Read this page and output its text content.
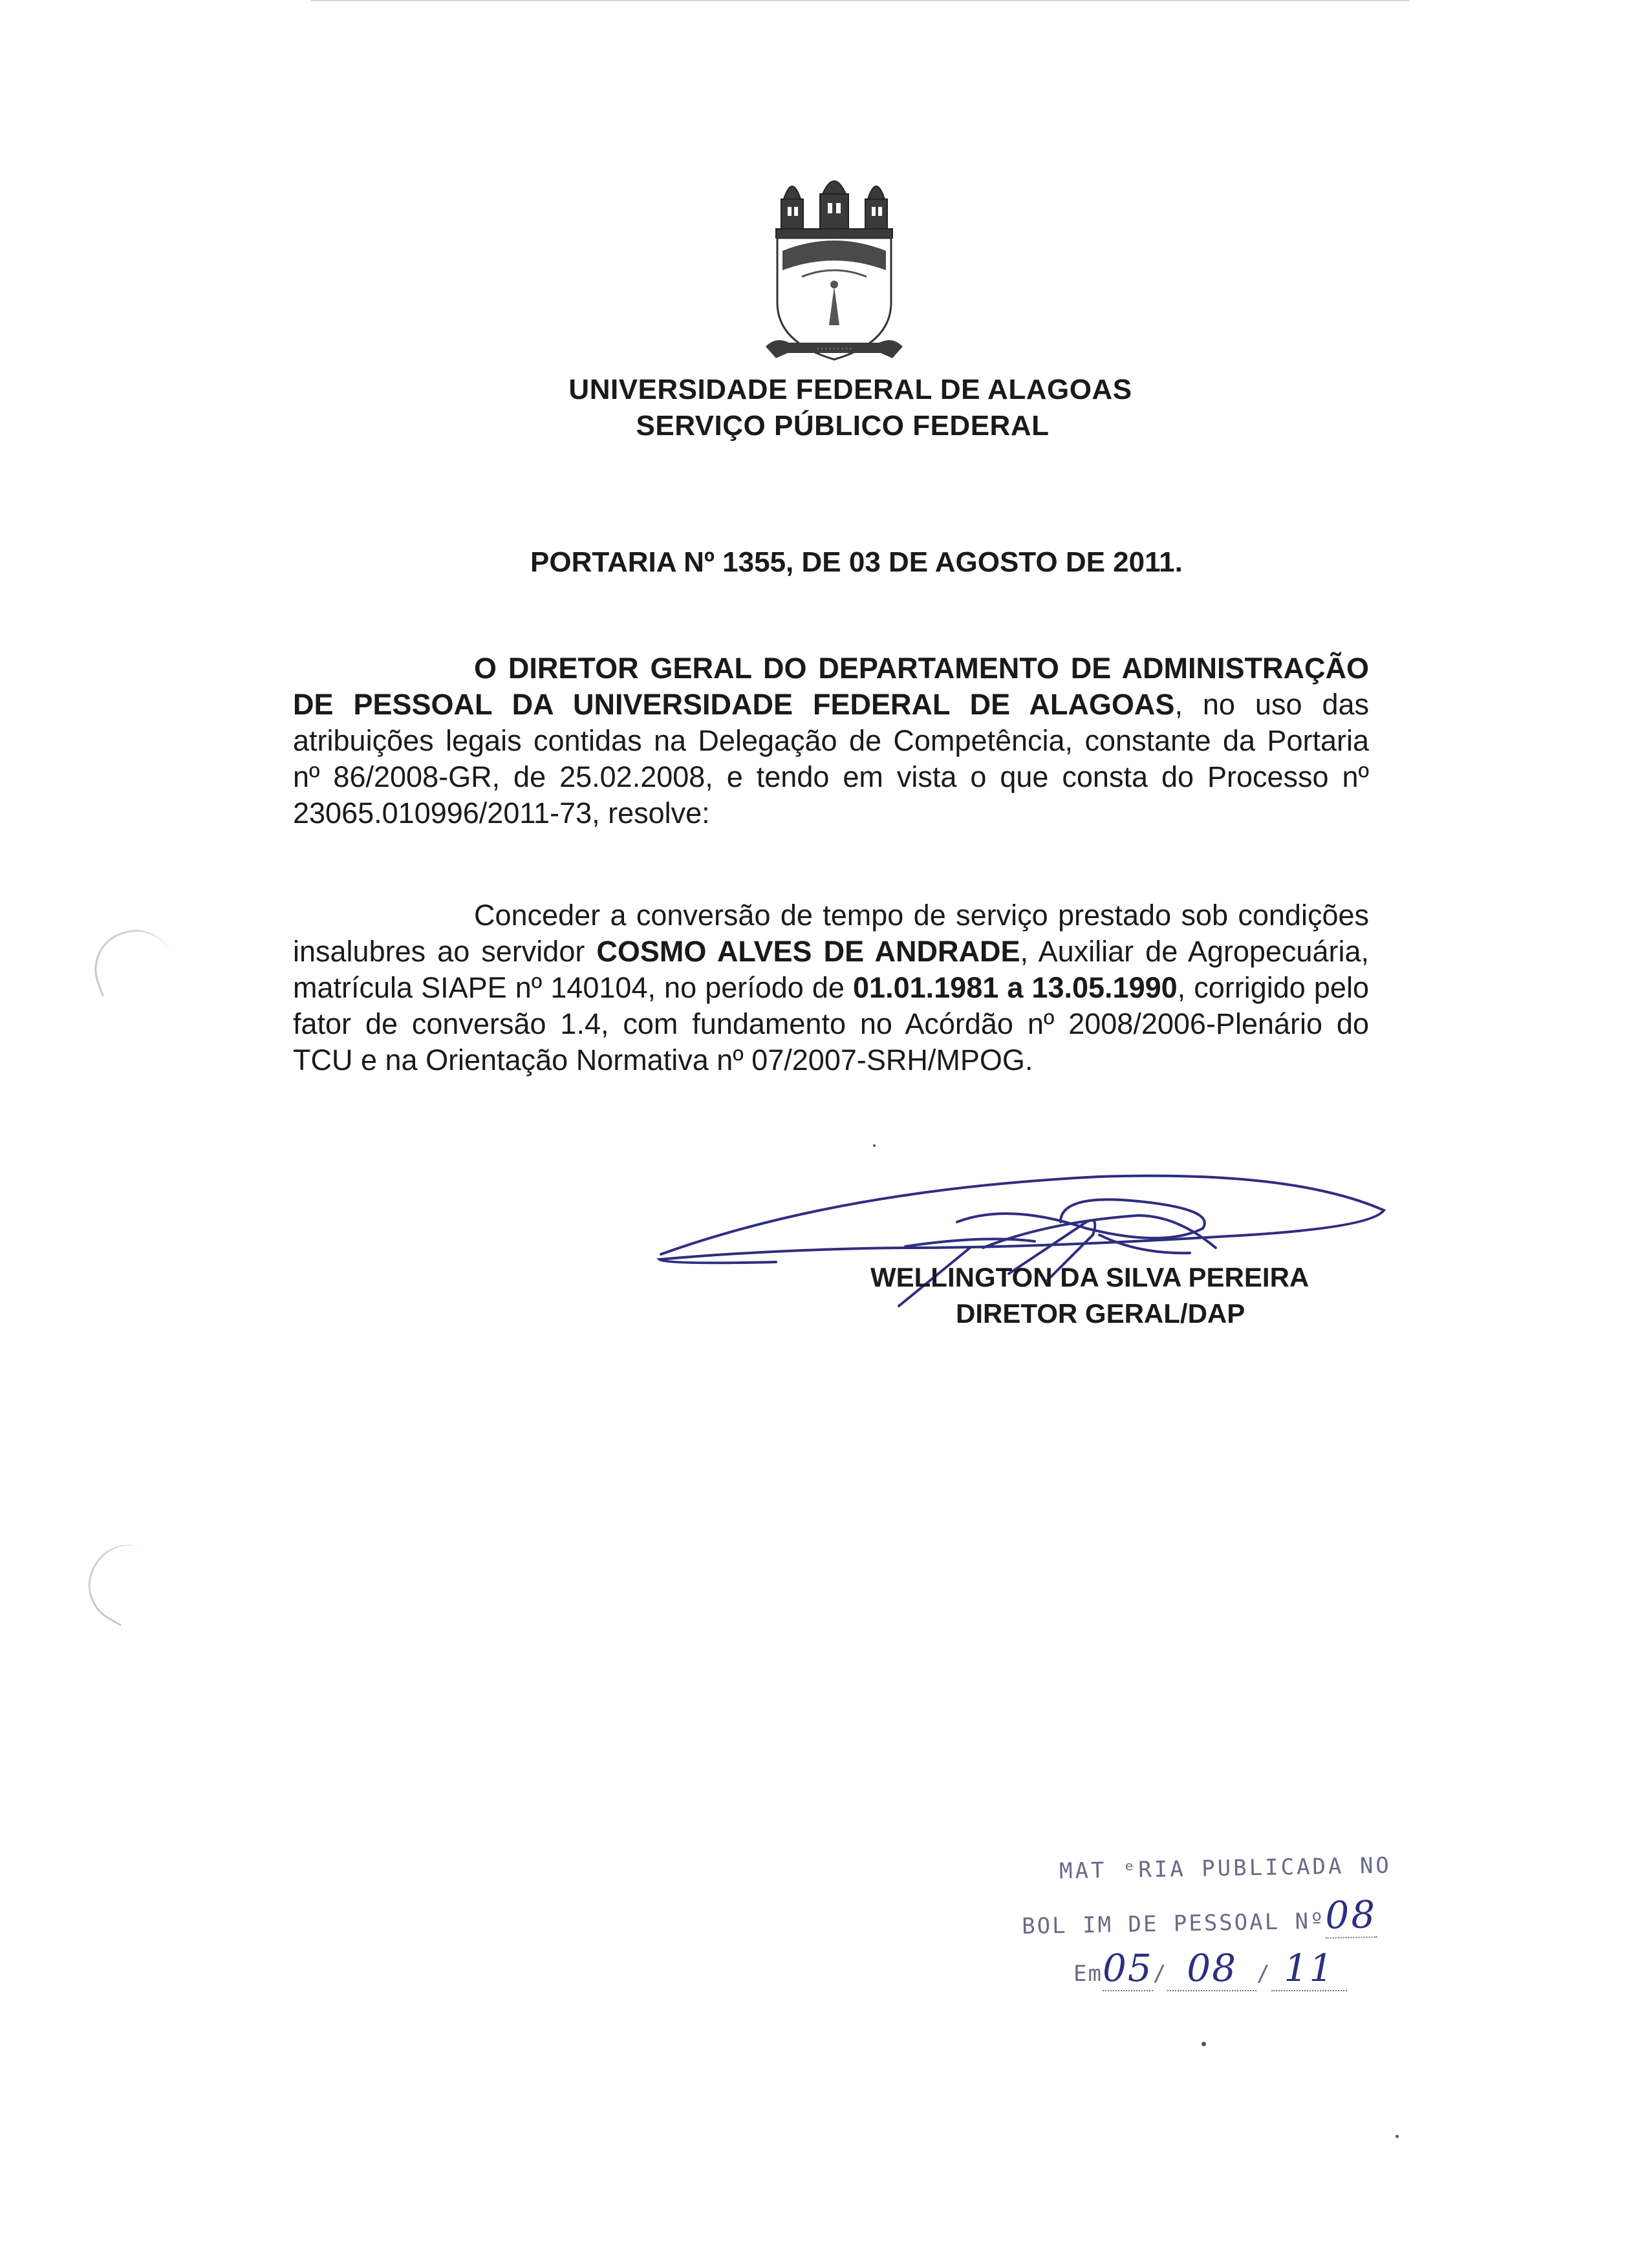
· · · · · · · · ·
UNIVERSIDADE FEDERAL DE ALAGOAS
SERVIÇO PÚBLICO FEDERAL
PORTARIA Nº 1355, DE 03 DE AGOSTO DE 2011.
O DIRETOR GERAL DO DEPARTAMENTO DE ADMINISTRAÇÃO DE PESSOAL DA UNIVERSIDADE FEDERAL DE ALAGOAS, no uso das atribuições legais contidas na Delegação de Competência, constante da Portaria nº 86/2008-GR, de 25.02.2008, e tendo em vista o que consta do Processo nº 23065.010996/2011-73, resolve:
Conceder a conversão de tempo de serviço prestado sob condições insalubres ao servidor COSMO ALVES DE ANDRADE, Auxiliar de Agropecuária, matrícula SIAPE nº 140104, no período de 01.01.1981 a 13.05.1990, corrigido pelo fator de conversão 1.4, com fundamento no Acórdão nº 2008/2006-Plenário do TCU e na Orientação Normativa nº 07/2007-SRH/MPOG.
WELLINGTON DA SILVA PEREIRA
DIRETOR GERAL/DAP
MAT ᵉRIA PUBLICADA NO
BOL IM DE PESSOAL Nº08
Em05/ 08 / 11
